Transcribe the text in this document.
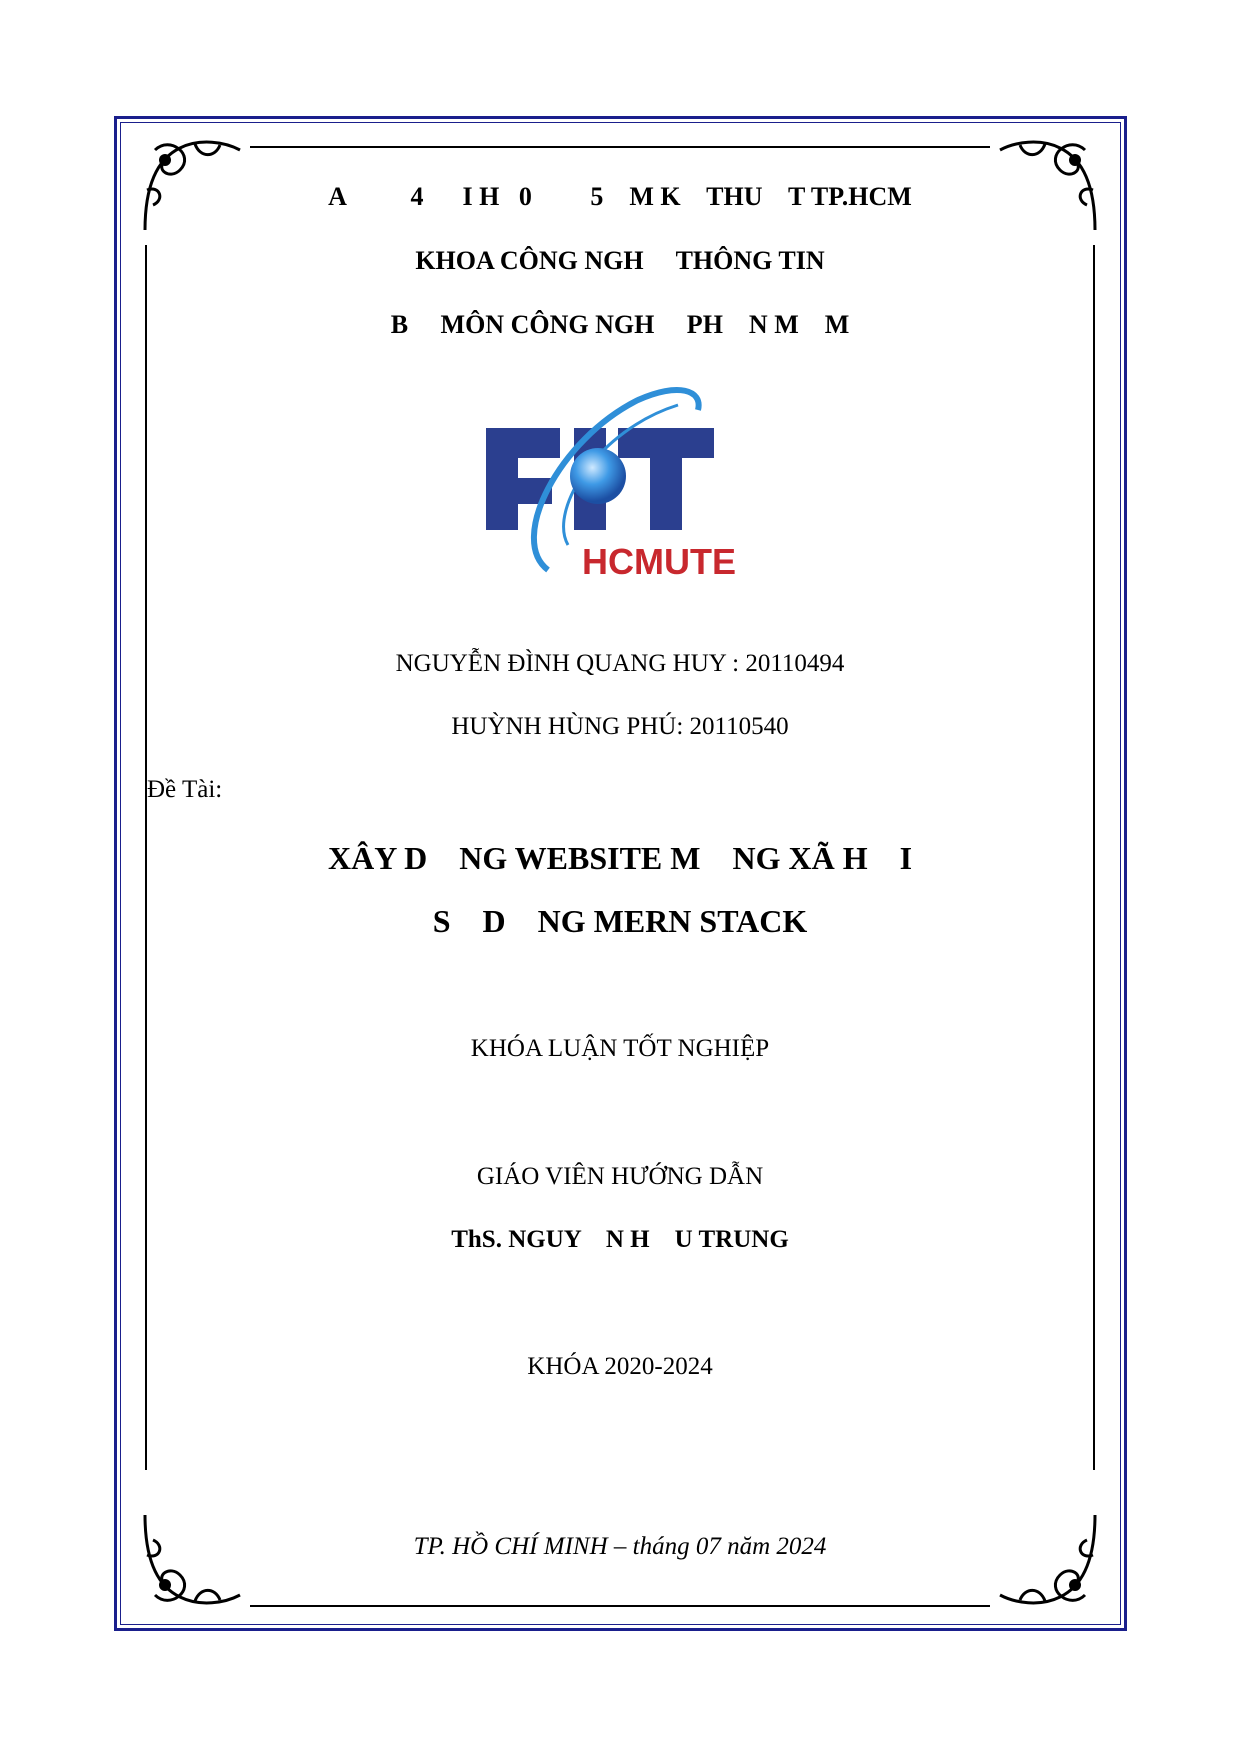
A          4      I H   0         5    M K    THU    T TP.HCM
KHOA CÔNG NGH     THÔNG TIN
B     MÔN CÔNG NGH     PH    N M    M
HCMUTE
NGUYỄN ĐÌNH QUANG HUY : 20110494
HUỲNH HÙNG PHÚ: 20110540
Đề Tài:
XÂY D    NG WEBSITE M    NG XÃ H    I
S    D    NG MERN STACK
KHÓA LUẬN TỐT NGHIỆP
GIÁO VIÊN HƯỚNG DẪN
ThS. NGUY    N H    U TRUNG
KHÓA 2020-2024
TP. HỒ CHÍ MINH – tháng 07 năm 2024
